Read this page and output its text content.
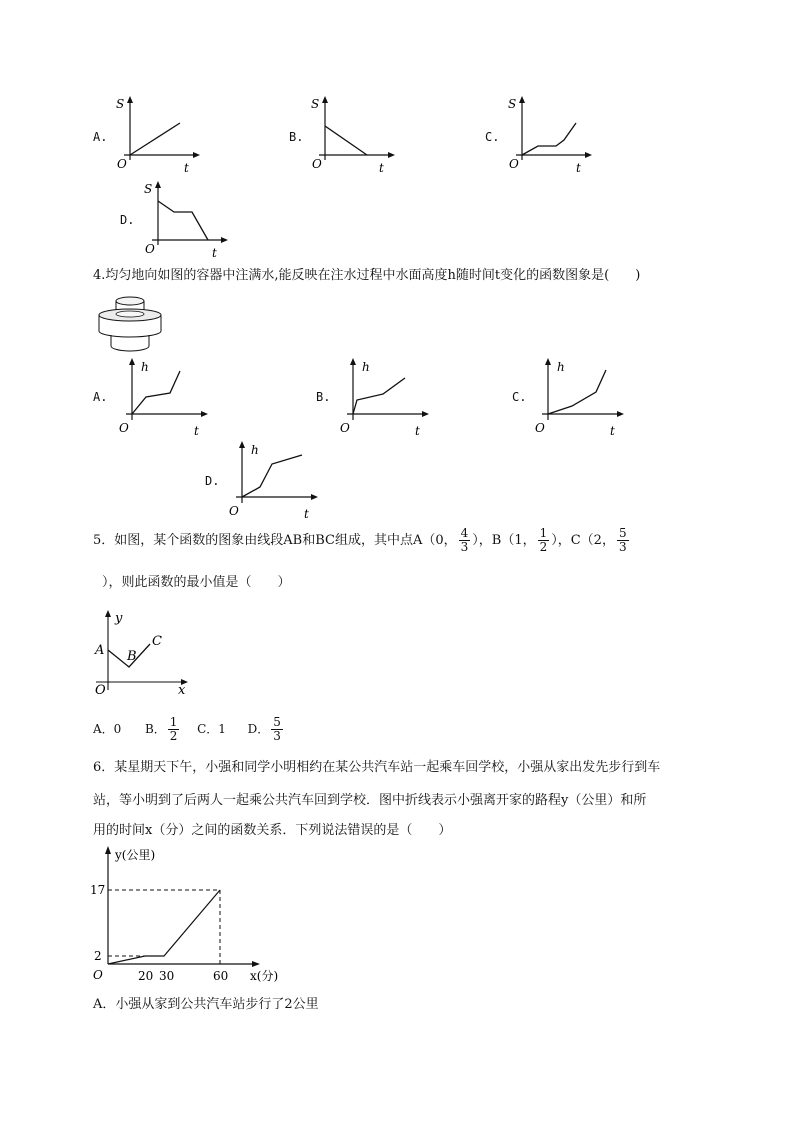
A.
S
O	t
B.
S
O	t
C.
S
O	t
D.
S
O	t
4.均匀地向如图的容器中注满水,能反映在注水过程中水面高度h随时间t变化的函数图象是(　　)
A.
h
O	t
B.
h
O	t
C.
h
O	t
D.
h
O	t
5．如图，某个函数的图象由线段AB和BC组成，其中点A（0， $\frac{4}{3}$ ），B（1， $\frac{1}{2}$ ），C（2， $\frac{5}{3}$
），则此函数的最小值是（　　）
y
A B
C
O	x
A．0 B． $\frac{1}{2}$ C．1 D． $\frac{5}{3}$
6．某星期天下午，小强和同学小明相约在某公共汽车站一起乘车回学校，小强从家出发先步行到车
站，等小明到了后两人一起乘公共汽车回到学校．图中折线表示小强离开家的路程y（公里）和所
用的时间x（分）之间的函数关系．下列说法错误的是（　　）
y(公里)
17
2
O	20 30	60 x(分)
A．小强从家到公共汽车站步行了2公里
